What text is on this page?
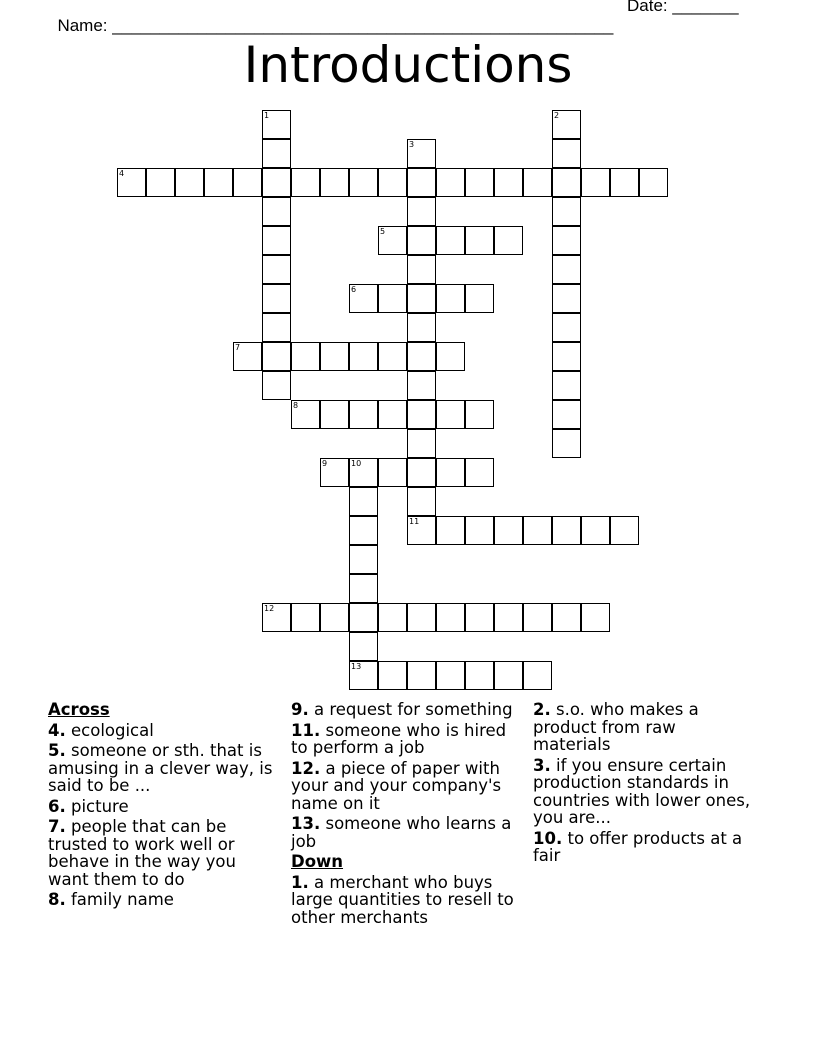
Name: _____________________________________________________

Date: _______

Introductions
1	2
3
11
4
5
6
7
8
9	10
12
13
Across
4. ecological
5. someone or sth. that is amusing in a clever way, is said to be ...
6. picture
7. people that can be trusted to work well or behave in the way you want them to do
8. family name
9. a request for something
11. someone who is hired to perform a job
12. a piece of paper with your and your company's name on it
13. someone who learns a job
Down
1. a merchant who buys large quantities to resell to other merchants
2. s.o. who makes a product from raw materials
3. if you ensure certain production standards in countries with lower ones, you are...
10. to offer products at a fair
